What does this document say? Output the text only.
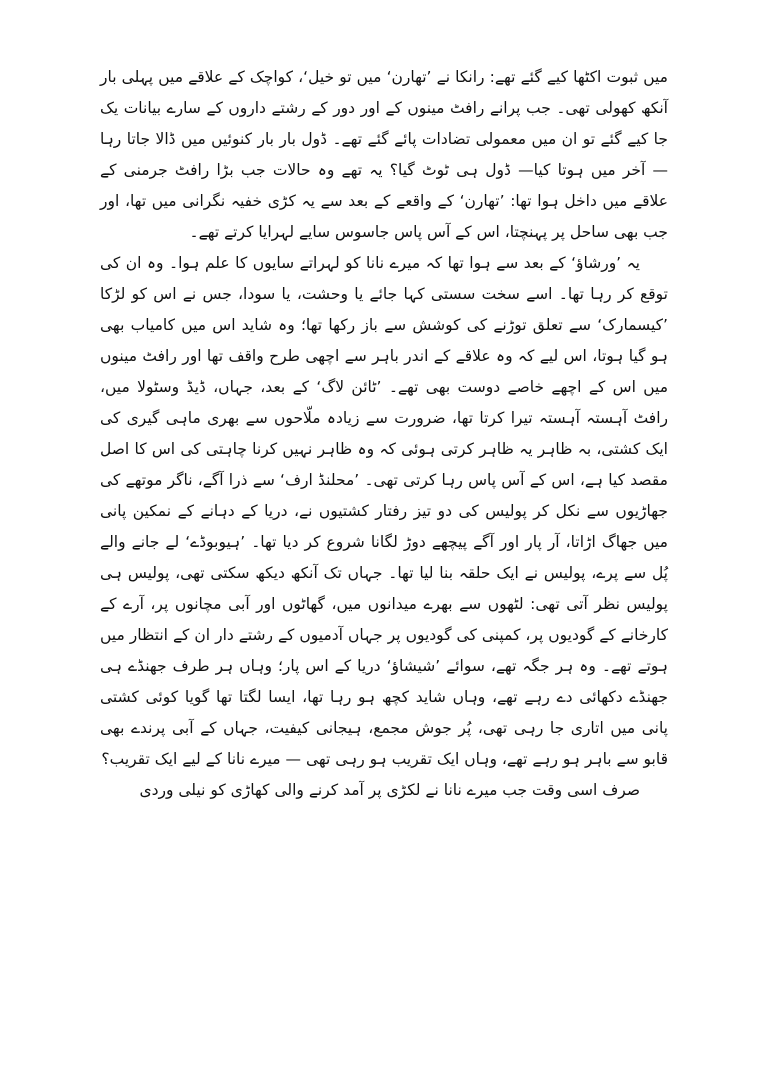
میں ثبوت اکٹھا کیے گئے تھے: رانکا نے ’تھارن‘ میں تو خیل‘، کواچک کے علاقے میں پہلی بار آنکھ کھولی تھی۔ جب پرانے رافٹ مینوں کے اور دور کے رشتے داروں کے سارے بیانات یک جا کیے گئے تو ان میں معمولی تضادات پائے گئے تھے۔ ڈول بار بار کنوئیں میں ڈالا جاتا رہا— آخر میں ہوتا کیا— ڈول ہی ٹوٹ گیا؟ یہ تھے وہ حالات جب بڑا رافٹ جرمنی کے علاقے میں داخل ہوا تھا: ’تھارن‘ کے واقعے کے بعد سے یہ کڑی خفیہ نگرانی میں تھا، اور جب بھی ساحل پر پہنچتا، اس کے آس پاس جاسوس سایے لہرایا کرتے تھے۔

یہ ’ورشاؤ‘ کے بعد سے ہوا تھا کہ میرے نانا کو لہراتے سایوں کا علم ہوا۔ وہ ان کی توقع کر رہا تھا۔ اسے سخت سستی کہا جائے یا وحشت، یا سودا، جس نے اس کو لڑکا ’کیسمارک‘ سے تعلق توڑنے کی کوشش سے باز رکھا تھا؛ وہ شاید اس میں کامیاب بھی ہو گیا ہوتا، اس لیے کہ وہ علاقے کے اندر باہر سے اچھی طرح واقف تھا اور رافٹ مینوں میں اس کے اچھے خاصے دوست بھی تھے۔ ’ٹائن لاگ‘ کے بعد، جہاں، ڈیڈ وسٹولا میں، رافٹ آہستہ آہستہ تیرا کرتا تھا، ضرورت سے زیادہ ملّاحوں سے بھری ماہی گیری کی ایک کشتی، بہ ظاہر یہ ظاہر کرتی ہوئی کہ وہ ظاہر نہیں کرنا چاہتی کی اس کا اصل مقصد کیا ہے، اس کے آس پاس رہا کرتی تھی۔ ’محلنڈ ارف‘ سے ذرا آگے، ناگر موتھے کی جھاڑیوں سے نکل کر پولیس کی دو تیز رفتار کشتیوں نے، دریا کے دہانے کے نمکین پانی میں جھاگ اڑاتا، آر پار اور آگے پیچھے دوڑ لگانا شروع کر دیا تھا۔ ’ہیوبوڈے‘ لے جانے والے پُل سے پرے، پولیس نے ایک حلقہ بنا لیا تھا۔ جہاں تک آنکھ دیکھ سکتی تھی، پولیس ہی پولیس نظر آتی تھی: لٹھوں سے بھرے میدانوں میں، گھاٹوں اور آبی مچانوں پر، آرے کے کارخانے کے گودیوں پر، کمپنی کی گودیوں پر جہاں آدمیوں کے رشتے دار ان کے انتظار میں ہوتے تھے۔ وہ ہر جگہ تھے، سوائے ’شیشاؤ‘ دریا کے اس پار؛ وہاں ہر طرف جھنڈے ہی جھنڈے دکھائی دے رہے تھے، وہاں شاید کچھ ہو رہا تھا، ایسا لگتا تھا گویا کوئی کشتی پانی میں اتاری جا رہی تھی، پُر جوش مجمع، ہیجانی کیفیت، جہاں کے آبی پرندے بھی قابو سے باہر ہو رہے تھے، وہاں ایک تقریب ہو رہی تھی — میرے نانا کے لیے ایک تقریب؟

صرف اسی وقت جب میرے نانا نے لکڑی پر آمد کرنے والی کھاڑی کو نیلی وردی
